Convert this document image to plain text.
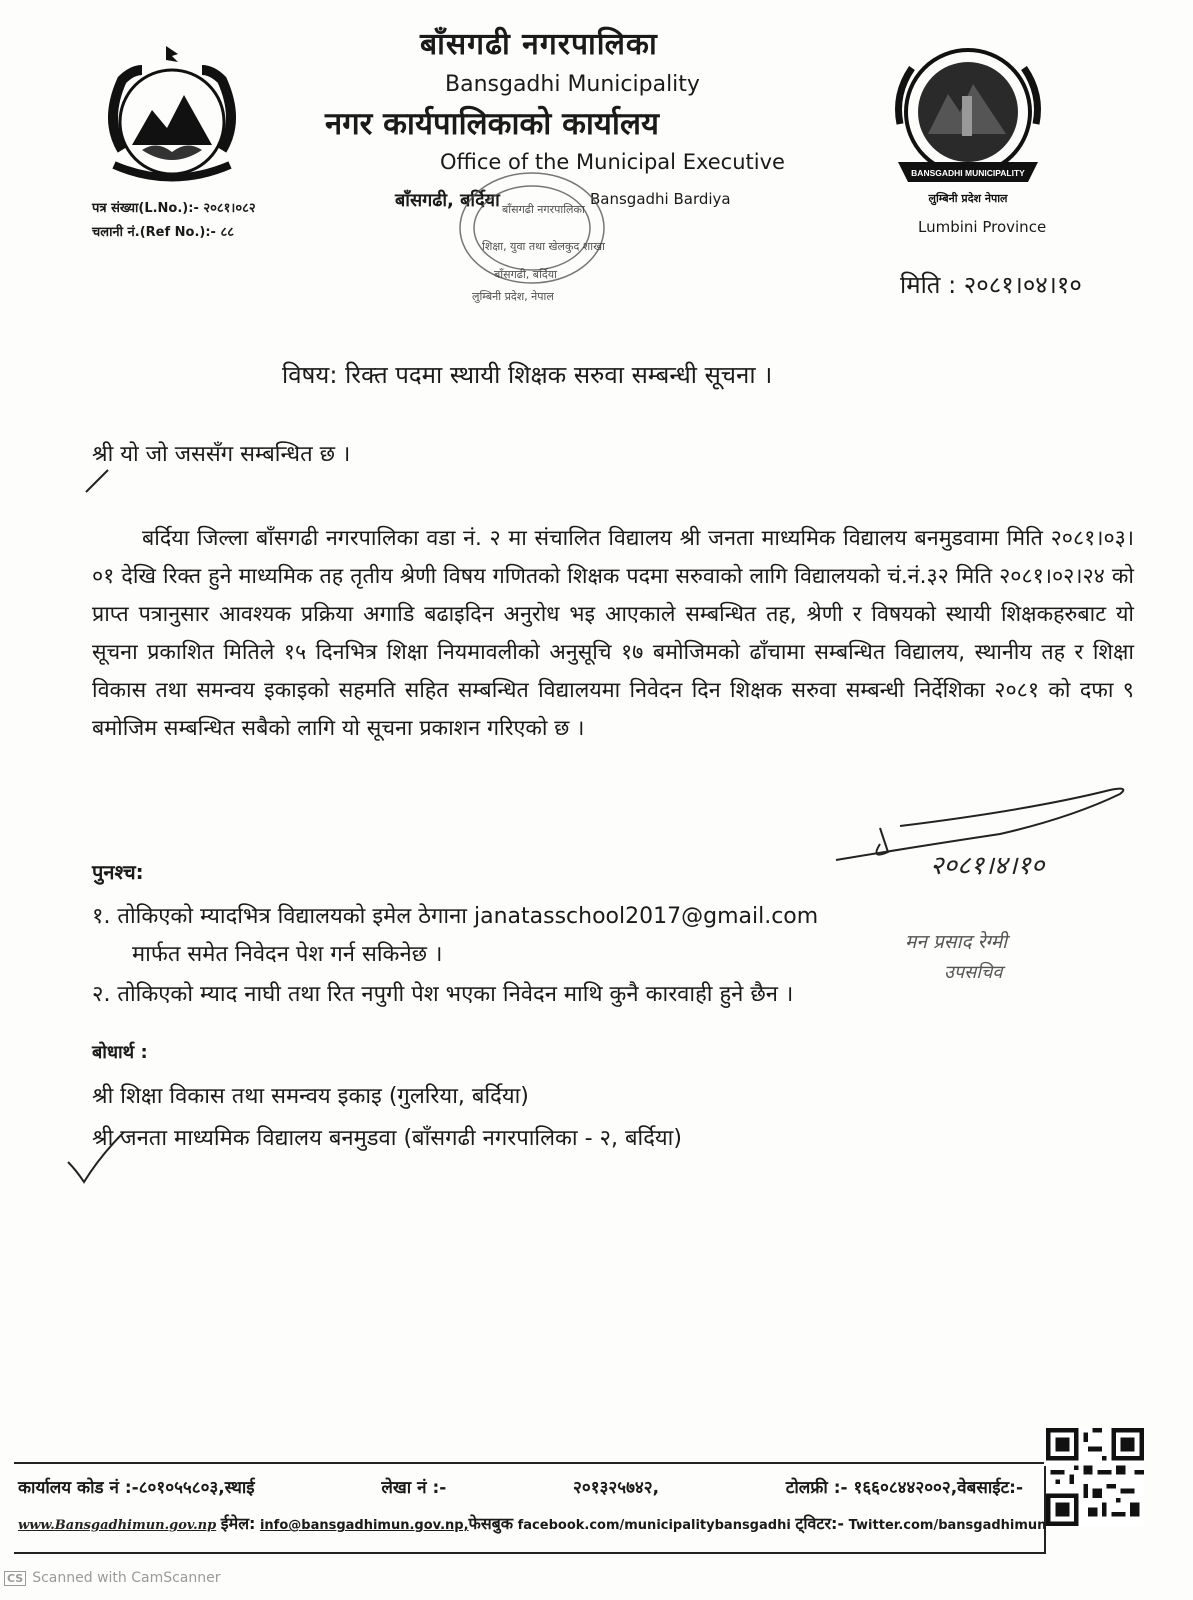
बाँसगढी नगरपालिका
Bansgadhi Municipality
नगर कार्यपालिकाको कार्यालय
Office of the Municipal Executive
बाँसगढी, बर्दिया	Bansgadhi Bardiya
पत्र संख्या(L.No.):- २०८१।०८२
चलानी नं.(Ref No.):- ८८
BANSGADHI MUNICIPALITY
लुम्बिनी प्रदेश नेपाल
Lumbini Province
बाँसगढी नगरपालिका
शिक्षा, युवा तथा खेलकुद शाखा
बाँसगढी, बर्दिया
लुम्बिनी प्रदेश, नेपाल	मिति : २०८१।०४।१०
विषय: रिक्त पदमा स्थायी शिक्षक सरुवा सम्बन्धी सूचना ।
श्री यो जो जससँग सम्बन्धित छ ।
बर्दिया जिल्ला बाँसगढी नगरपालिका वडा नं. २ मा संचालित विद्यालय श्री जनता माध्यमिक विद्यालय बनमुडवामा मिति २०८१।०३।०१ देखि रिक्त हुने माध्यमिक तह तृतीय श्रेणी विषय गणितको शिक्षक पदमा सरुवाको लागि विद्यालयको चं.नं.३२ मिति २०८१।०२।२४ को प्राप्त पत्रानुसार आवश्यक प्रक्रिया अगाडि बढाइदिन अनुरोध भइ आएकाले सम्बन्धित तह, श्रेणी र विषयको स्थायी शिक्षकहरुबाट यो सूचना प्रकाशित मितिले १५ दिनभित्र शिक्षा नियमावलीको अनुसूचि १७ बमोजिमको ढाँचामा सम्बन्धित विद्यालय, स्थानीय तह र शिक्षा विकास तथा समन्वय इकाइको सहमति सहित सम्बन्धित विद्यालयमा निवेदन दिन शिक्षक सरुवा सम्बन्धी निर्देशिका २०८१ को दफा ९ बमोजिम सम्बन्धित सबैको लागि यो सूचना प्रकाशन गरिएको छ ।
२०८१।४।१०
पुनश्च:
१. तोकिएको म्यादभित्र विद्यालयको इमेल ठेगाना janatasschool2017@gmail.com
मार्फत समेत निवेदन पेश गर्न सकिनेछ ।
२. तोकिएको म्याद नाघी तथा रित नपुगी पेश भएका निवेदन माथि कुनै कारवाही हुने छैन ।
मन प्रसाद रेग्मी
उपसचिव
बोधार्थ :
श्री शिक्षा विकास तथा समन्वय इकाइ (गुलरिया, बर्दिया)
श्री जनता माध्यमिक विद्यालय बनमुडवा (बाँसगढी नगरपालिका - २, बर्दिया)
कार्यालय कोड नं :-८०१०५५८०३,स्थाई	लेखा नं :-	२०१३२५७४२,	टोलफ्री :- १६६०८४४२००२,वेबसाईट:-
www.Bansgadhimun.gov.np ईमेल: info@bansgadhimun.gov.np,फेसबुक facebook.com/municipalitybansgadhi ट्विटर:- Twitter.com/bansgadhimun
CS Scanned with CamScanner
